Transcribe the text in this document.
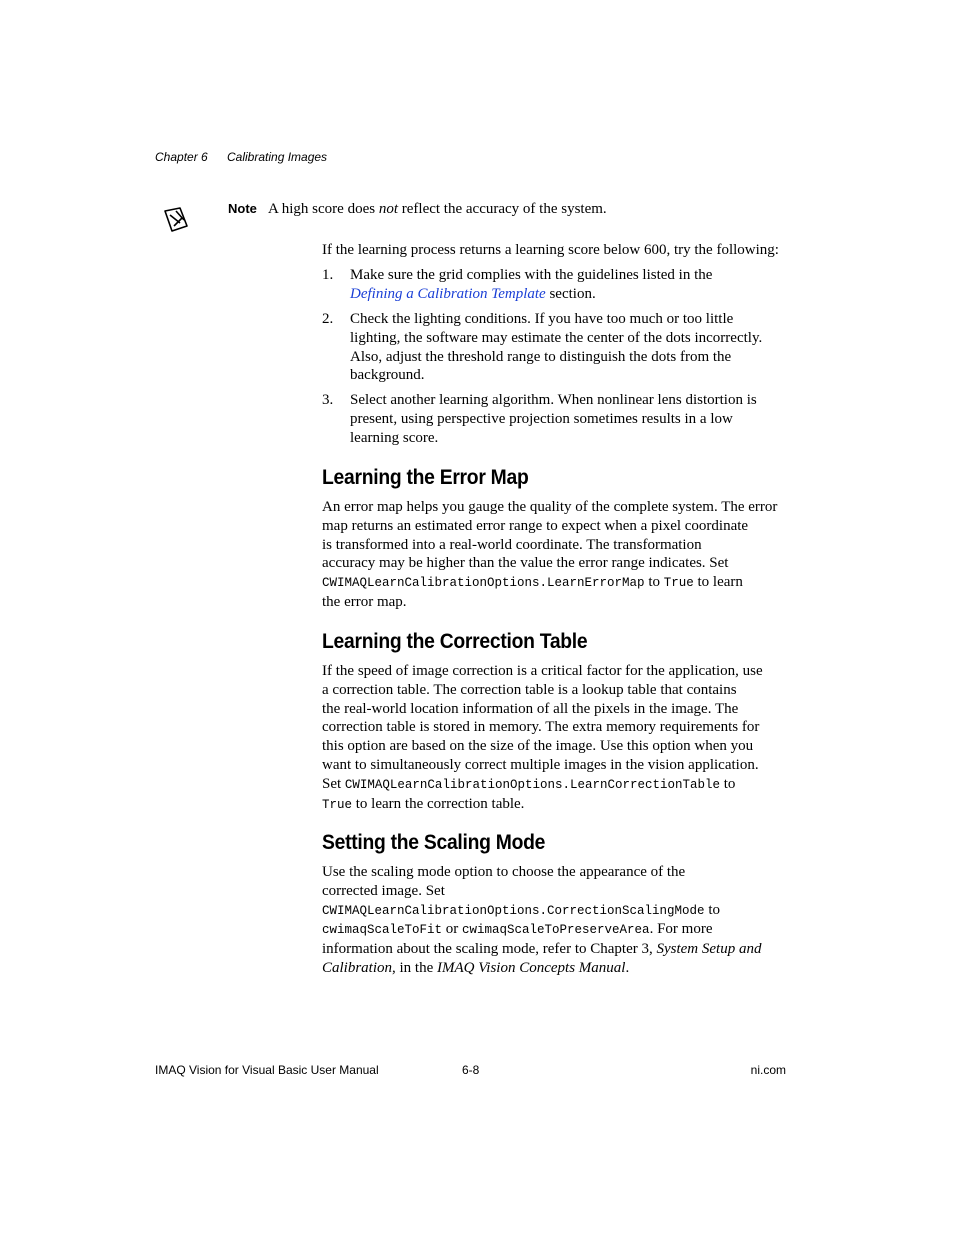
Chapter 6 Calibrating Images
Note A high score does not reflect the accuracy of the system.

If the learning process returns a learning score below 600, try the following:

1. Make sure the grid complies with the guidelines listed in the
Defining a Calibration Template section.
2. Check the lighting conditions. If you have too much or too little
lighting, the software may estimate the center of the dots incorrectly.
Also, adjust the threshold range to distinguish the dots from the
background.
3. Select another learning algorithm. When nonlinear lens distortion is
present, using perspective projection sometimes results in a low
learning score.
Learning the Error Map

An error map helps you gauge the quality of the complete system. The error

map returns an estimated error range to expect when a pixel coordinate

is transformed into a real-world coordinate. The transformation

accuracy may be higher than the value the error range indicates. Set

CWIMAQLearnCalibrationOptions.LearnErrorMap to True to learn

the error map.

Learning the Correction Table

If the speed of image correction is a critical factor for the application, use

a correction table. The correction table is a lookup table that contains

the real-world location information of all the pixels in the image. The

correction table is stored in memory. The extra memory requirements for

this option are based on the size of the image. Use this option when you

want to simultaneously correct multiple images in the vision application.

Set CWIMAQLearnCalibrationOptions.LearnCorrectionTable to

True to learn the correction table.

Setting the Scaling Mode

Use the scaling mode option to choose the appearance of the

corrected image. Set

CWIMAQLearnCalibrationOptions.CorrectionScalingMode to

cwimaqScaleToFit or cwimaqScaleToPreserveArea. For more

information about the scaling mode, refer to Chapter 3, System Setup and

Calibration, in the IMAQ Vision Concepts Manual.

IMAQ Vision for Visual Basic User Manual	6-8	ni.com
